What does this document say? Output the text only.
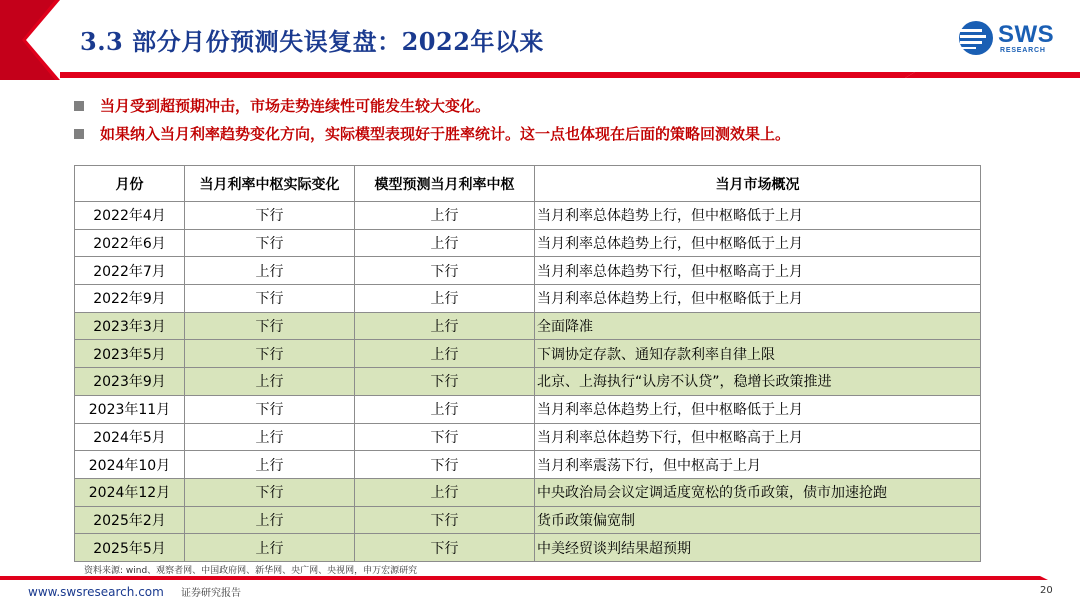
3.3 部分月份预测失误复盘：2022年以来	SWS
RESEARCH
当月受到超预期冲击，市场走势连续性可能发生较大变化。
如果纳入当月利率趋势变化方向，实际模型表现好于胜率统计。这一点也体现在后面的策略回测效果上。
月份	当月利率中枢实际变化	模型预测当月利率中枢	当月市场概况
2022年4月	下行	上行	当月利率总体趋势上行，但中枢略低于上月
2022年6月	下行	上行	当月利率总体趋势上行，但中枢略低于上月
2022年7月	上行	下行	当月利率总体趋势下行，但中枢略高于上月
2022年9月	下行	上行	当月利率总体趋势上行，但中枢略低于上月
2023年3月	下行	上行	全面降准
2023年5月	下行	上行	下调协定存款、通知存款利率自律上限
2023年9月	上行	下行	北京、上海执行“认房不认贷”，稳增长政策推进
2023年11月	下行	上行	当月利率总体趋势上行，但中枢略低于上月
2024年5月	上行	下行	当月利率总体趋势下行，但中枢略高于上月
2024年10月	上行	下行	当月利率震荡下行，但中枢高于上月
2024年12月	下行	上行	中央政治局会议定调适度宽松的货币政策，债市加速抢跑
2025年2月	上行	下行	货币政策偏宽制
2025年5月	上行	下行	中美经贸谈判结果超预期
资料来源: wind、观察者网、中国政府网、新华网、央广网、央视网，申万宏源研究
www.swsresearch.com 证券研究报告	20
